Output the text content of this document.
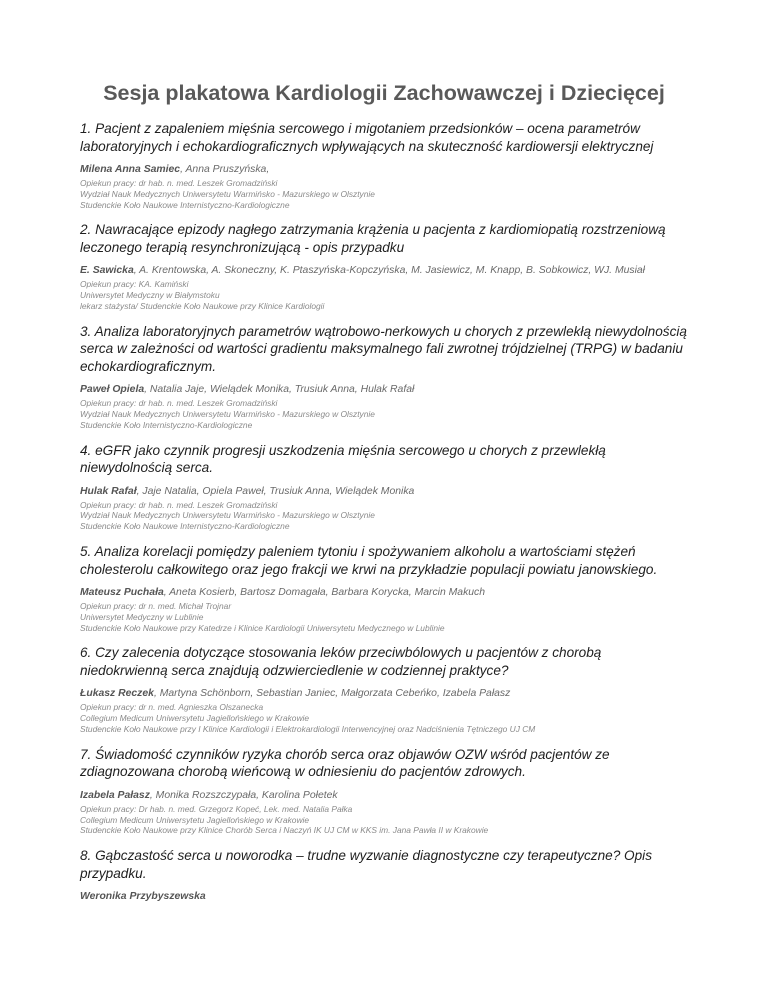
Sesja plakatowa Kardiologii Zachowawczej i Dziecięcej
1. Pacjent z zapaleniem mięśnia sercowego i migotaniem przedsionków – ocena parametrów laboratoryjnych i echokardiograficznych wpływających na skuteczność kardiowersji elektrycznej
Milena Anna Samiec, Anna Pruszyńska,
Opiekun pracy: dr hab. n. med. Leszek Gromadziński
Wydział Nauk Medycznych Uniwersytetu Warmińsko - Mazurskiego w Olsztynie
Studenckie Koło Naukowe Internistyczno-Kardiologiczne
2. Nawracające epizody nagłego zatrzymania krążenia u pacjenta z kardiomiopatią rozstrzeniową leczonego terapią resynchronizującą - opis przypadku
E. Sawicka, A. Krentowska, A. Skoneczny, K. Ptaszyńska-Kopczyńska, M. Jasiewicz, M. Knapp, B. Sobkowicz, WJ. Musiał
Opiekun pracy: KA. Kamiński
Uniwersytet Medyczny w Białymstoku
lekarz stażysta/ Studenckie Koło Naukowe przy Klinice Kardiologii
3. Analiza laboratoryjnych parametrów wątrobowo-nerkowych u chorych z przewlekłą niewydolnością serca w zależności od wartości gradientu maksymalnego fali zwrotnej trójdzielnej (TRPG) w badaniu echokardiograficznym.
Paweł Opiela, Natalia Jaje, Wielądek Monika, Trusiuk Anna, Hulak Rafał
Opiekun pracy: dr hab. n. med. Leszek Gromadziński
Wydział Nauk Medycznych Uniwersytetu Warmińsko - Mazurskiego w Olsztynie
Studenckie Koło Internistyczno-Kardiologiczne
4. eGFR jako czynnik progresji uszkodzenia mięśnia sercowego u chorych z przewlekłą niewydolnością serca.
Hulak Rafał, Jaje Natalia, Opiela Paweł, Trusiuk Anna, Wielądek Monika
Opiekun pracy: dr hab. n. med. Leszek Gromadziński
Wydział Nauk Medycznych Uniwersytetu Warmińsko - Mazurskiego w Olsztynie
Studenckie Koło Naukowe Internistyczno-Kardiologiczne
5. Analiza korelacji pomiędzy paleniem tytoniu i spożywaniem alkoholu a wartościami stężeń cholesterolu całkowitego oraz jego frakcji we krwi na przykładzie populacji powiatu janowskiego.
Mateusz Puchała, Aneta Kosierb, Bartosz Domagała, Barbara Korycka, Marcin Makuch
Opiekun pracy: dr n. med. Michał Trojnar
Uniwersytet Medyczny w Lublinie
Studenckie Koło Naukowe przy Katedrze i Klinice Kardiologii Uniwersytetu Medycznego w Lublinie
6. Czy zalecenia dotyczące stosowania leków przeciwbólowych u pacjentów z chorobą niedokrwienną serca znajdują odzwierciedlenie w codziennej praktyce?
Łukasz Reczek, Martyna Schönborn, Sebastian Janiec, Małgorzata Cebeńko, Izabela Pałasz
Opiekun pracy: dr n. med. Agnieszka Olszanecka
Collegium Medicum Uniwersytetu Jagiellońskiego w Krakowie
Studenckie Koło Naukowe przy I Klinice Kardiologii i Elektrokardiologii Interwencyjnej oraz Nadciśnienia Tętniczego UJ CM
7. Świadomość czynników ryzyka chorób serca oraz objawów OZW wśród pacjentów ze zdiagnozowana chorobą wieńcową w odniesieniu do pacjentów zdrowych.
Izabela Pałasz, Monika Rozszczypała, Karolina Połetek
Opiekun pracy: Dr hab. n. med. Grzegorz Kopeć, Lek. med. Natalia Pałka
Collegium Medicum Uniwersytetu Jagiellońskiego w Krakowie
Studenckie Koło Naukowe przy Klinice Chorób Serca i Naczyń IK UJ CM w KKS im. Jana Pawła II w Krakowie
8. Gąbczastość serca u noworodka – trudne wyzwanie diagnostyczne czy terapeutyczne? Opis przypadku.
Weronika Przybyszewska
